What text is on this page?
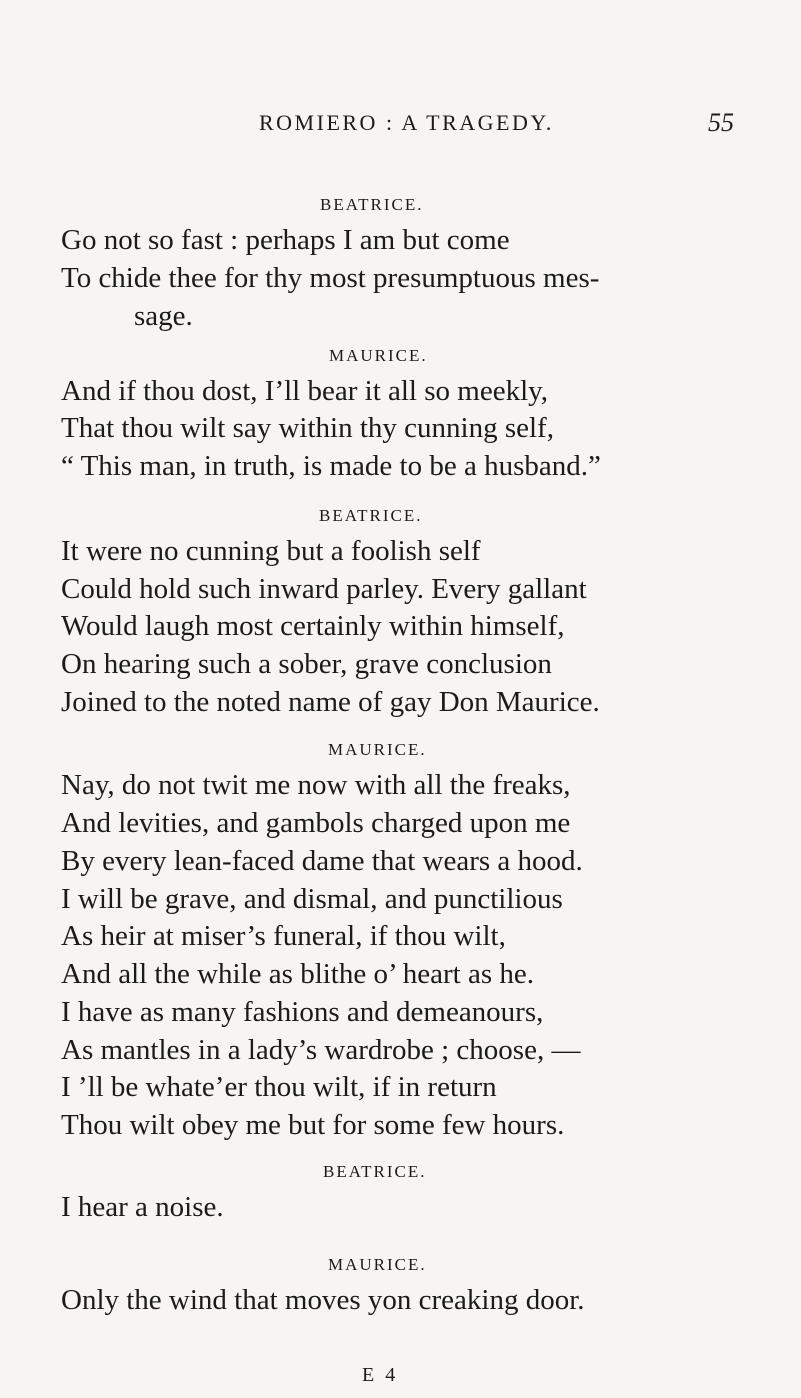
ROMIERO : A TRAGEDY.	55
BEATRICE.
Go not so fast : perhaps I am but come
To chide thee for thy most presumptuous mes-
sage.
MAURICE.
And if thou dost, I’ll bear it all so meekly,
That thou wilt say within thy cunning self,
“ This man, in truth, is made to be a husband.”
BEATRICE.
It were no cunning but a foolish self
Could hold such inward parley. Every gallant
Would laugh most certainly within himself,
On hearing such a sober, grave conclusion
Joined to the noted name of gay Don Maurice.
MAURICE.
Nay, do not twit me now with all the freaks,
And levities, and gambols charged upon me
By every lean-faced dame that wears a hood.
I will be grave, and dismal, and punctilious
As heir at miser’s funeral, if thou wilt,
And all the while as blithe o’ heart as he.
I have as many fashions and demeanours,
As mantles in a lady’s wardrobe ; choose, —
I ’ll be whate’er thou wilt, if in return
Thou wilt obey me but for some few hours.
BEATRICE.
I hear a noise.
MAURICE.
Only the wind that moves yon creaking door.
E 4
